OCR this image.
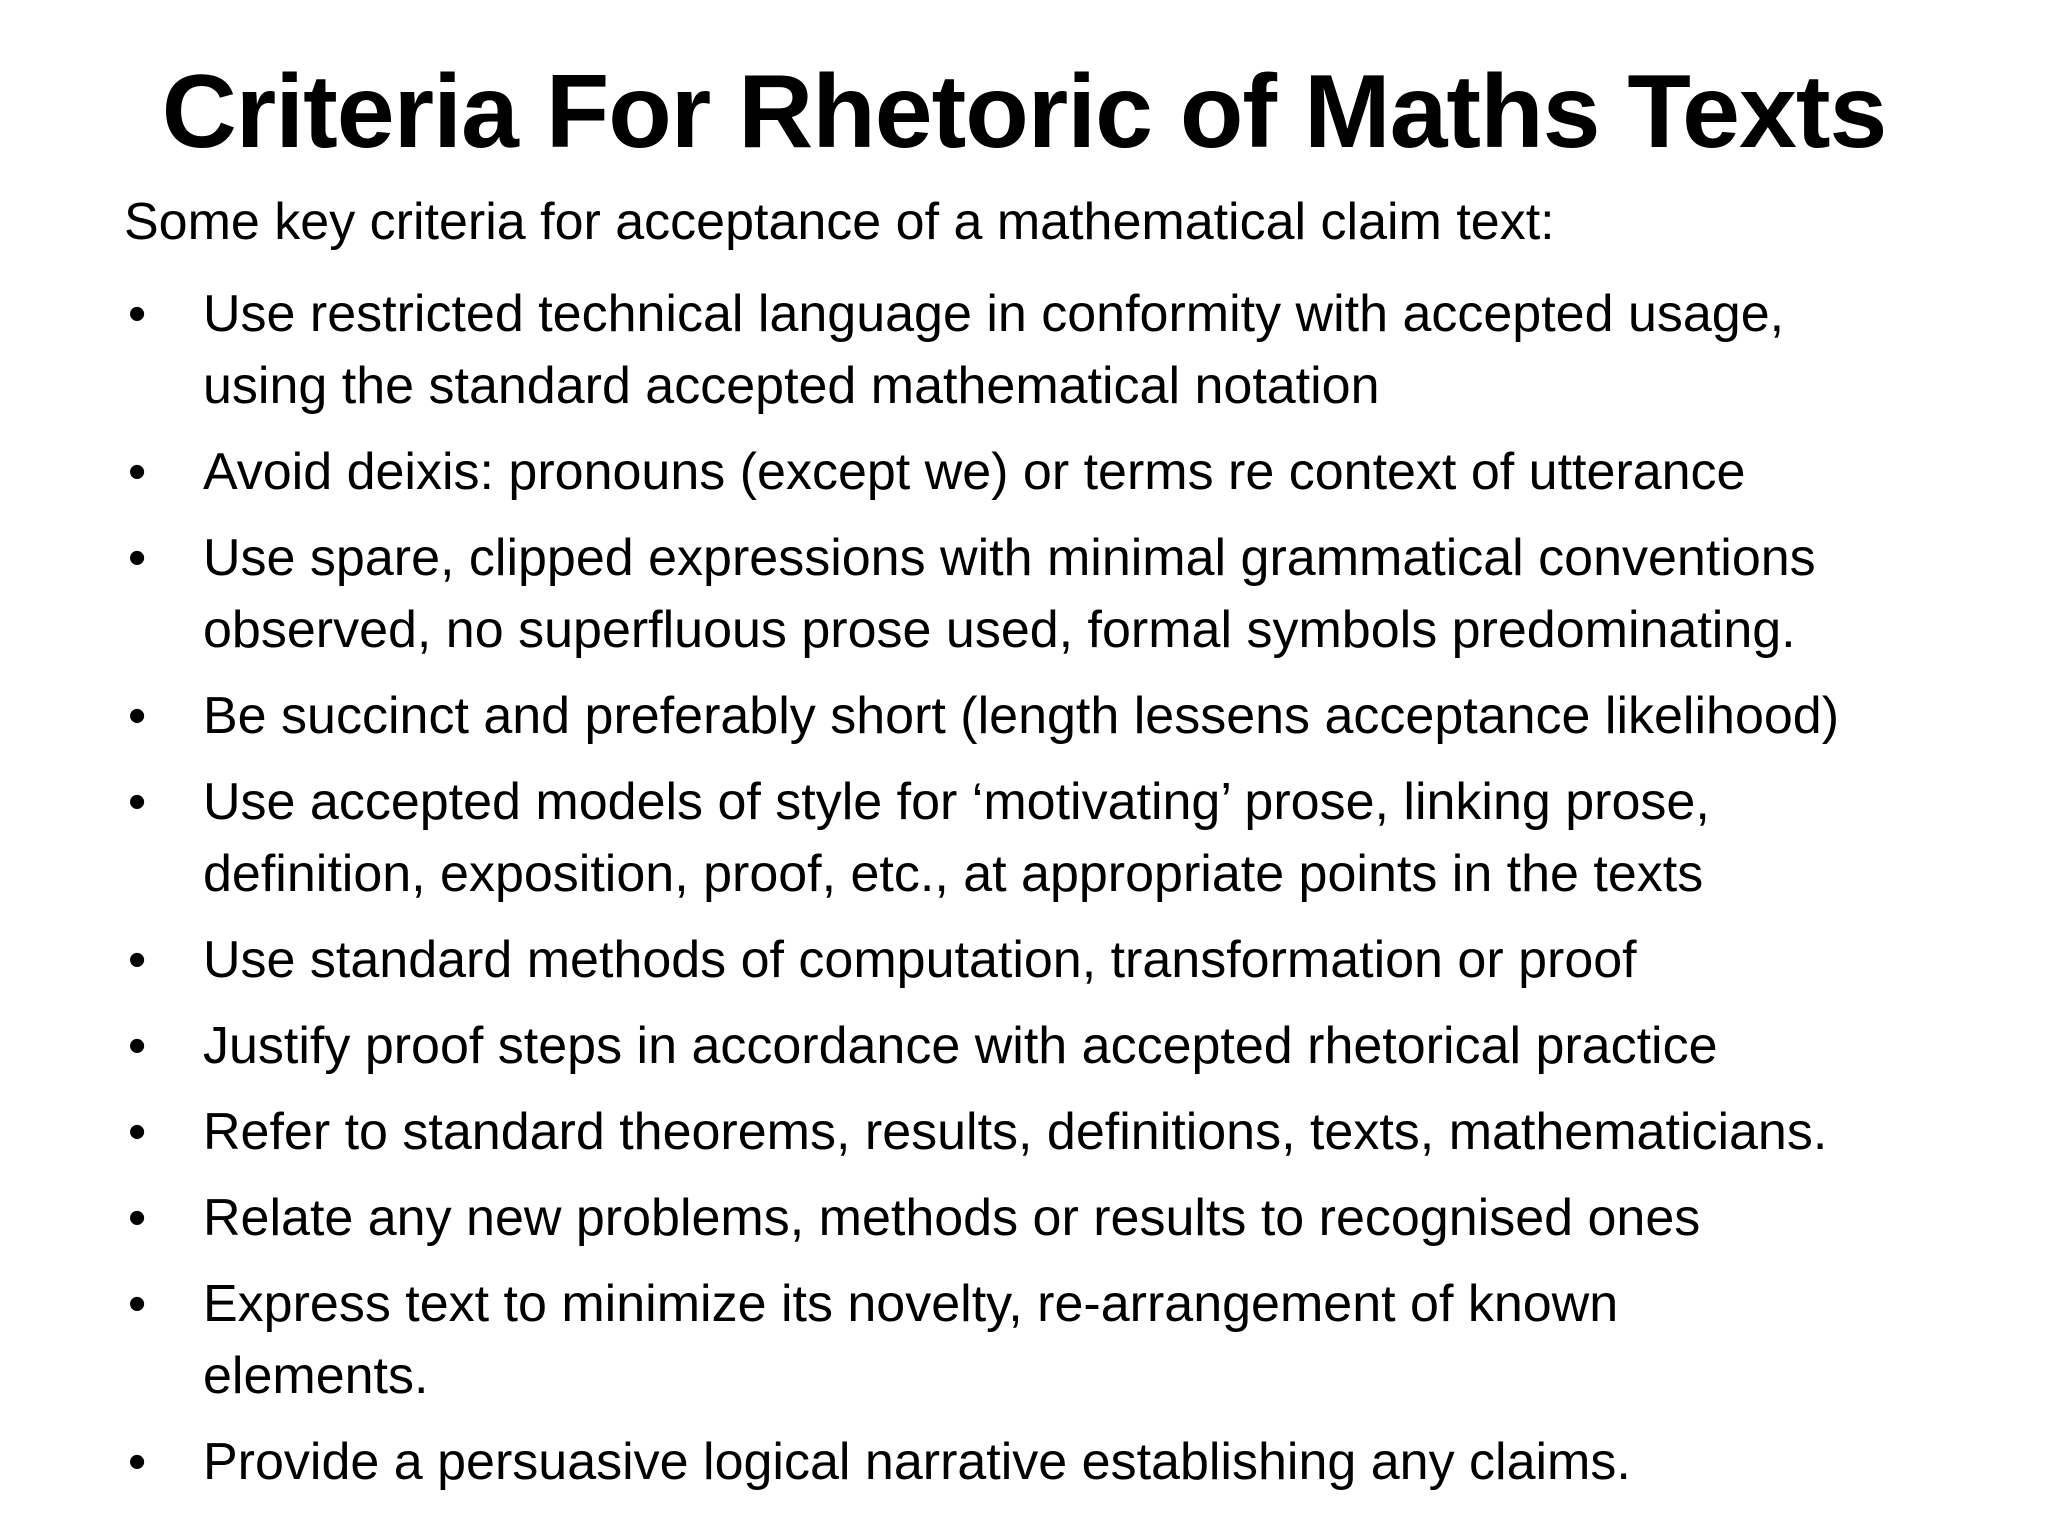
Criteria For Rhetoric of Maths Texts
Some key criteria for acceptance of a mathematical claim text:
•	Use restricted technical language in conformity with accepted usage,
using the standard accepted mathematical notation
•	Avoid deixis: pronouns (except we) or terms re context of utterance
•	Use spare, clipped expressions with minimal grammatical conventions
observed, no superfluous prose used, formal symbols predominating.
•	Be succinct and preferably short (length lessens acceptance likelihood)
•	Use accepted models of style for ‘motivating’ prose, linking prose,
definition, exposition, proof, etc., at appropriate points in the texts
•	Use standard methods of computation, transformation or proof
•	Justify proof steps in accordance with accepted rhetorical practice
•	Refer to standard theorems, results, definitions, texts, mathematicians.
•	Relate any new problems, methods or results to recognised ones
•	Express text to minimize its novelty, re-arrangement of known
elements.
•	Provide a persuasive logical narrative establishing any claims.
